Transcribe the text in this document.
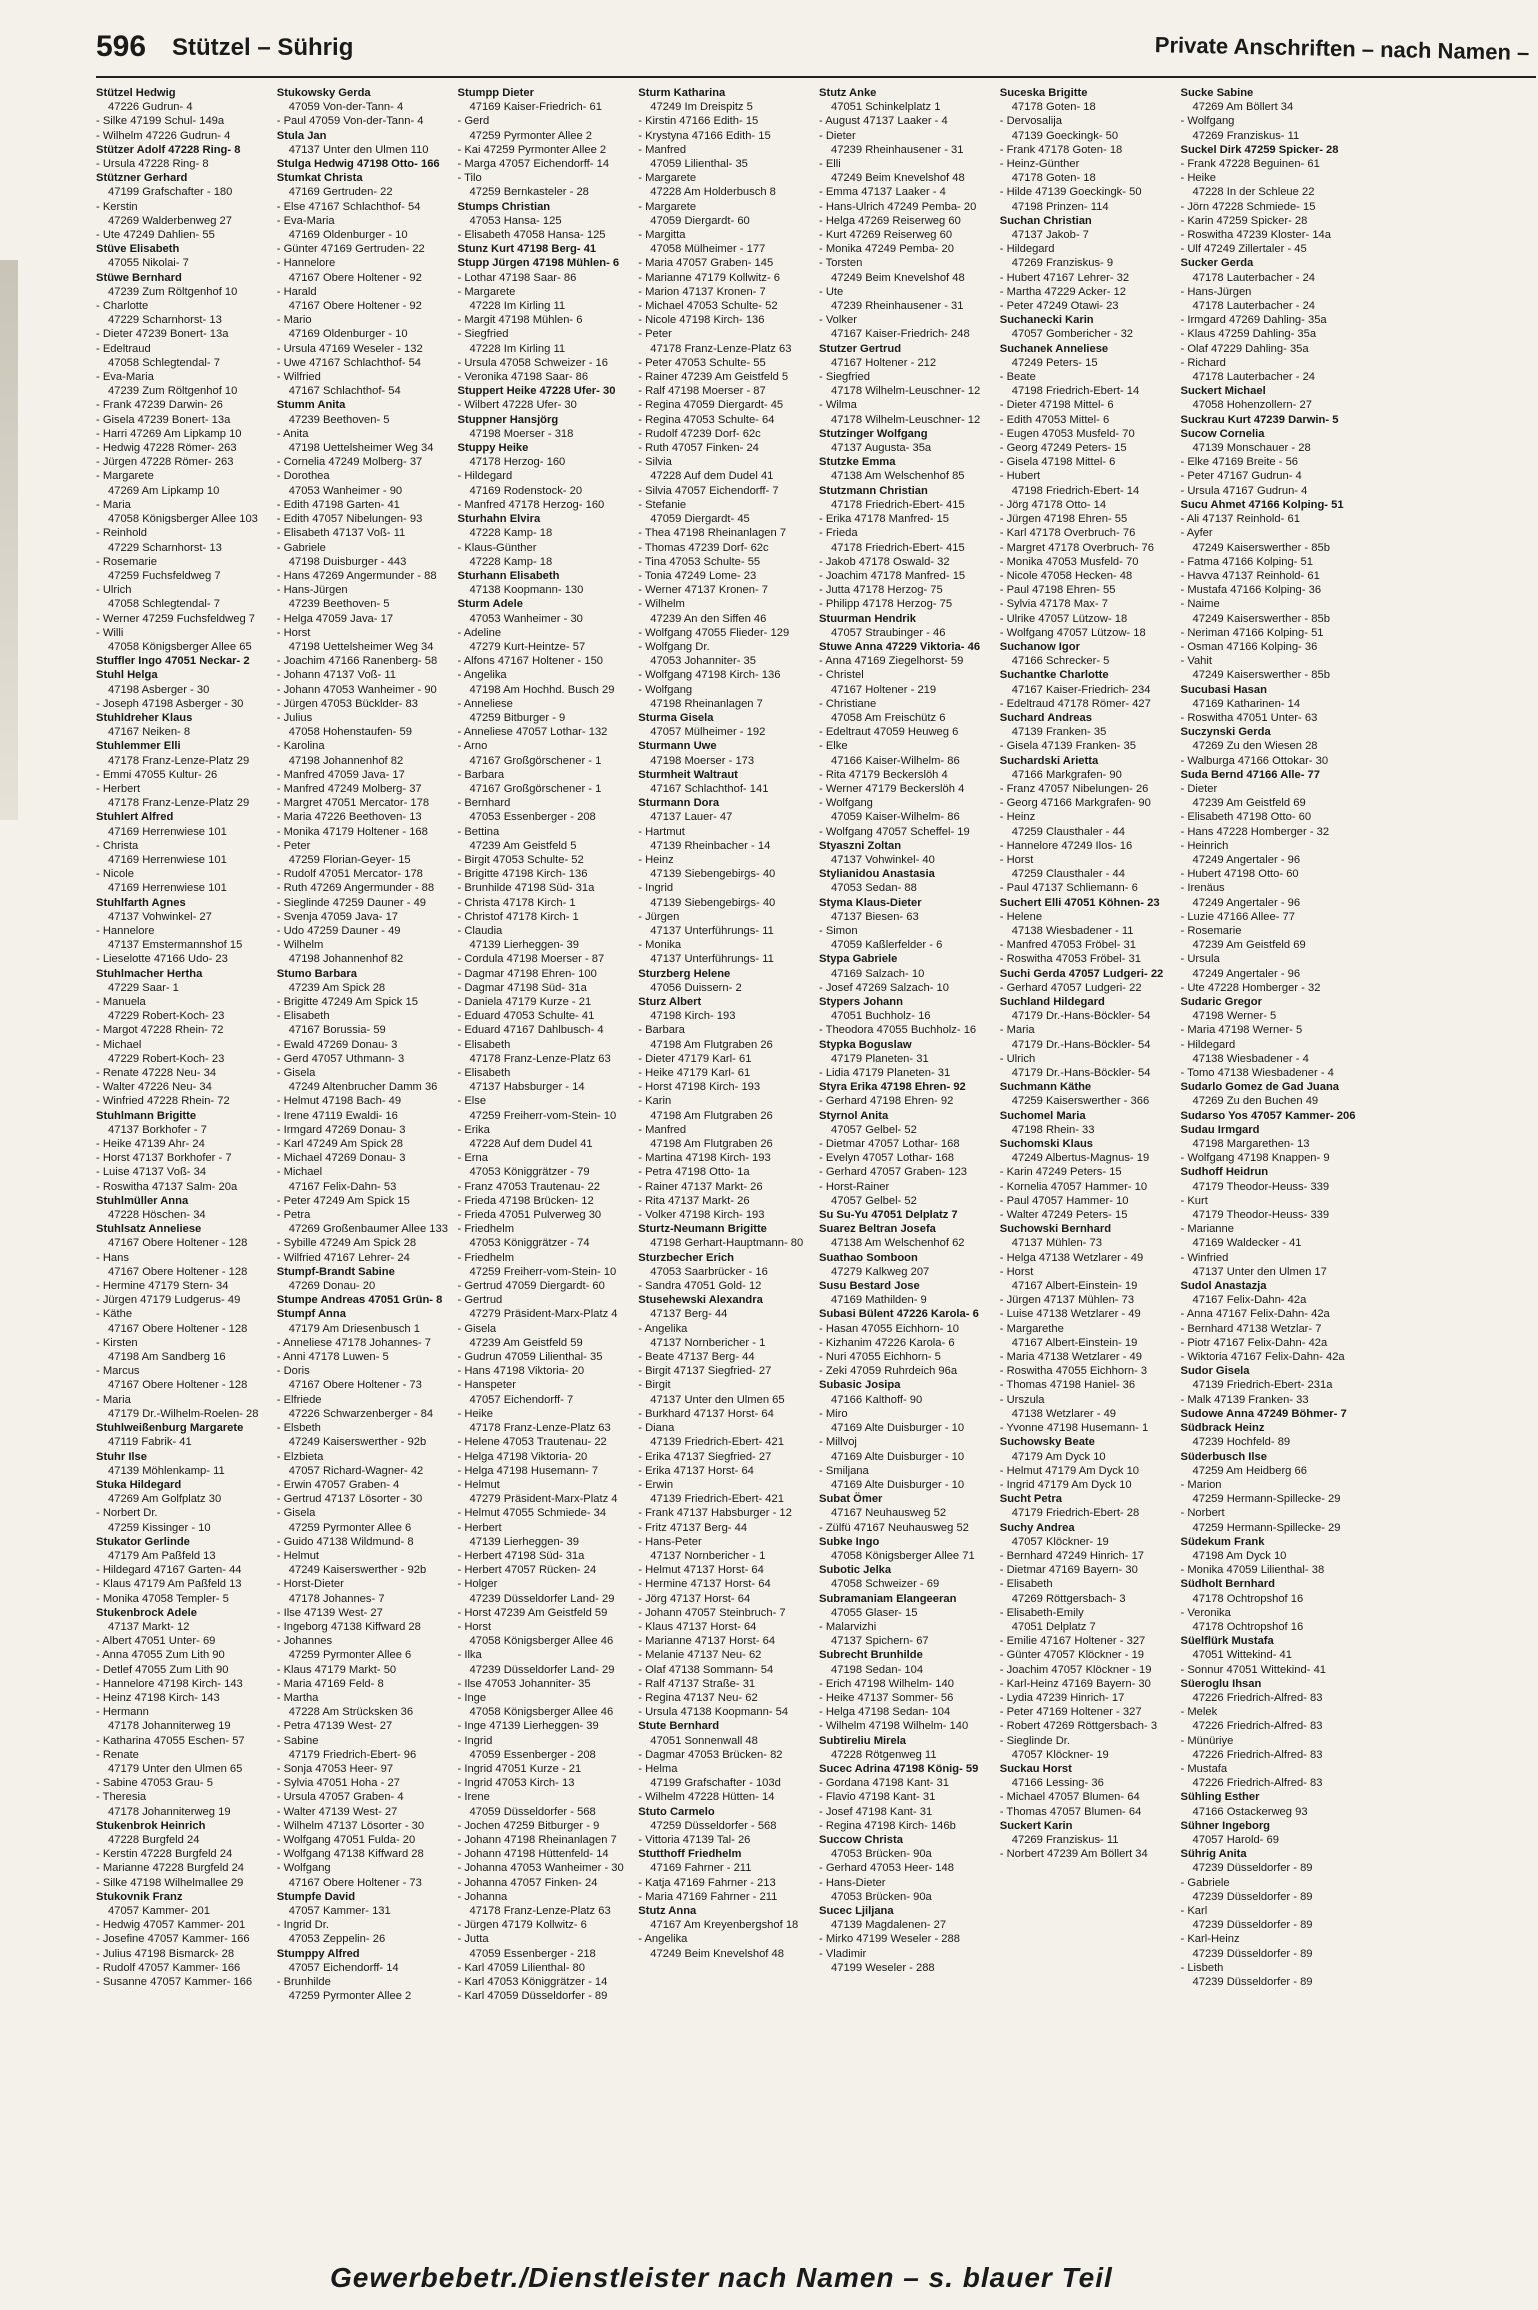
596 Stützel – Sührig	Private Anschriften – nach Namen –
Stützel Hedwig
47226 Gudrun- 4
- Silke 47199 Schul- 149a
- Wilhelm 47226 Gudrun- 4
Stützer Adolf 47228 Ring- 8
- Ursula 47228 Ring- 8
Stützner Gerhard
47199 Grafschafter - 180
- Kerstin
47269 Walderbenweg 27
- Ute 47249 Dahlien- 55
Stüve Elisabeth
47055 Nikolai- 7
Stüwe Bernhard
47239 Zum Röltgenhof 10
- Charlotte
47229 Scharnhorst- 13
- Dieter 47239 Bonert- 13a
- Edeltraud
47058 Schlegtendal- 7
- Eva-Maria
47239 Zum Röltgenhof 10
- Frank 47239 Darwin- 26
- Gisela 47239 Bonert- 13a
- Harri 47269 Am Lipkamp 10
- Hedwig 47228 Römer- 263
- Jürgen 47228 Römer- 263
- Margarete
47269 Am Lipkamp 10
- Maria
47058 Königsberger Allee 103
- Reinhold
47229 Scharnhorst- 13
- Rosemarie
47259 Fuchsfeldweg 7
- Ulrich
47058 Schlegtendal- 7
- Werner 47259 Fuchsfeldweg 7
- Willi
47058 Königsberger Allee 65
Stuffler Ingo 47051 Neckar- 2
Stuhl Helga
47198 Asberger - 30
- Joseph 47198 Asberger - 30
Stuhldreher Klaus
47167 Neiken- 8
Stuhlemmer Elli
47178 Franz-Lenze-Platz 29
- Emmi 47055 Kultur- 26
- Herbert
47178 Franz-Lenze-Platz 29
Stuhlert Alfred
47169 Herrenwiese 101
- Christa
47169 Herrenwiese 101
- Nicole
47169 Herrenwiese 101
Stuhlfarth Agnes
47137 Vohwinkel- 27
- Hannelore
47137 Emstermannshof 15
- Lieselotte 47166 Udo- 23
Stuhlmacher Hertha
47229 Saar- 1
- Manuela
47229 Robert-Koch- 23
- Margot 47228 Rhein- 72
- Michael
47229 Robert-Koch- 23
- Renate 47228 Neu- 34
- Walter 47226 Neu- 34
- Winfried 47228 Rhein- 72
Stuhlmann Brigitte
47137 Borkhofer - 7
- Heike 47139 Ahr- 24
- Horst 47137 Borkhofer - 7
- Luise 47137 Voß- 34
- Roswitha 47137 Salm- 20a
Stuhlmüller Anna
47228 Höschen- 34
Stuhlsatz Anneliese
47167 Obere Holtener - 128
- Hans
47167 Obere Holtener - 128
- Hermine 47179 Stern- 34
- Jürgen 47179 Ludgerus- 49
- Käthe
47167 Obere Holtener - 128
- Kirsten
47198 Am Sandberg 16
- Marcus
47167 Obere Holtener - 128
- Maria
47179 Dr.-Wilhelm-Roelen- 28
Stuhlweißenburg Margarete
47119 Fabrik- 41
Stuhr Ilse
47139 Möhlenkamp- 11
Stuka Hildegard
47269 Am Golfplatz 30
- Norbert Dr.
47259 Kissinger - 10
Stukator Gerlinde
47179 Am Paßfeld 13
- Hildegard 47167 Garten- 44
- Klaus 47179 Am Paßfeld 13
- Monika 47058 Templer- 5
Stukenbrock Adele
47137 Markt- 12
- Albert 47051 Unter- 69
- Anna 47055 Zum Lith 90
- Detlef 47055 Zum Lith 90
- Hannelore 47198 Kirch- 143
- Heinz 47198 Kirch- 143
- Hermann
47178 Johanniterweg 19
- Katharina 47055 Eschen- 57
- Renate
47179 Unter den Ulmen 65
- Sabine 47053 Grau- 5
- Theresia
47178 Johanniterweg 19
Stukenbrok Heinrich
47228 Burgfeld 24
- Kerstin 47228 Burgfeld 24
- Marianne 47228 Burgfeld 24
- Silke 47198 Wilhelmallee 29
Stukovnik Franz
47057 Kammer- 201
- Hedwig 47057 Kammer- 201
- Josefine 47057 Kammer- 166
- Julius 47198 Bismarck- 28
- Rudolf 47057 Kammer- 166
- Susanne 47057 Kammer- 166
Stukowsky Gerda
47059 Von-der-Tann- 4
- Paul 47059 Von-der-Tann- 4
Stula Jan
47137 Unter den Ulmen 110
Stulga Hedwig 47198 Otto- 166
Stumkat Christa
47169 Gertruden- 22
- Else 47167 Schlachthof- 54
- Eva-Maria
47169 Oldenburger - 10
- Günter 47169 Gertruden- 22
- Hannelore
47167 Obere Holtener - 92
- Harald
47167 Obere Holtener - 92
- Mario
47169 Oldenburger - 10
- Ursula 47169 Weseler - 132
- Uwe 47167 Schlachthof- 54
- Wilfried
47167 Schlachthof- 54
Stumm Anita
47239 Beethoven- 5
- Anita
47198 Uettelsheimer Weg 34
- Cornelia 47249 Molberg- 37
- Dorothea
47053 Wanheimer - 90
- Edith 47198 Garten- 41
- Edith 47057 Nibelungen- 93
- Elisabeth 47137 Voß- 11
- Gabriele
47198 Duisburger - 443
- Hans 47269 Angermunder - 88
- Hans-Jürgen
47239 Beethoven- 5
- Helga 47059 Java- 17
- Horst
47198 Uettelsheimer Weg 34
- Joachim 47166 Ranenberg- 58
- Johann 47137 Voß- 11
- Johann 47053 Wanheimer - 90
- Jürgen 47053 Bücklder- 83
- Julius
47058 Hohenstaufen- 59
- Karolina
47198 Johannenhof 82
- Manfred 47059 Java- 17
- Manfred 47249 Molberg- 37
- Margret 47051 Mercator- 178
- Maria 47226 Beethoven- 13
- Monika 47179 Holtener - 168
- Peter
47259 Florian-Geyer- 15
- Rudolf 47051 Mercator- 178
- Ruth 47269 Angermunder - 88
- Sieglinde 47259 Dauner - 49
- Svenja 47059 Java- 17
- Udo 47259 Dauner - 49
- Wilhelm
47198 Johannenhof 82
Stumo Barbara
47239 Am Spick 28
- Brigitte 47249 Am Spick 15
- Elisabeth
47167 Borussia- 59
- Ewald 47269 Donau- 3
- Gerd 47057 Uthmann- 3
- Gisela
47249 Altenbrucher Damm 36
- Helmut 47198 Bach- 49
- Irene 47119 Ewaldi- 16
- Irmgard 47269 Donau- 3
- Karl 47249 Am Spick 28
- Michael 47269 Donau- 3
- Michael
47167 Felix-Dahn- 53
- Peter 47249 Am Spick 15
- Petra
47269 Großenbaumer Allee 133
- Sybille 47249 Am Spick 28
- Wilfried 47167 Lehrer- 24
Stumpf-Brandt Sabine
47269 Donau- 20
Stumpe Andreas 47051 Grün- 8
Stumpf Anna
47179 Am Driesenbusch 1
- Anneliese 47178 Johannes- 7
- Anni 47178 Luwen- 5
- Doris
47167 Obere Holtener - 73
- Elfriede
47226 Schwarzenberger - 84
- Elsbeth
47249 Kaiserswerther - 92b
- Elzbieta
47057 Richard-Wagner- 42
- Erwin 47057 Graben- 4
- Gertrud 47137 Lösorter - 30
- Gisela
47259 Pyrmonter Allee 6
- Guido 47138 Wildmund- 8
- Helmut
47249 Kaiserswerther - 92b
- Horst-Dieter
47178 Johannes- 7
- Ilse 47139 West- 27
- Ingeborg 47138 Kiffward 28
- Johannes
47259 Pyrmonter Allee 6
- Klaus 47179 Markt- 50
- Maria 47169 Feld- 8
- Martha
47228 Am Strücksken 36
- Petra 47139 West- 27
- Sabine
47179 Friedrich-Ebert- 96
- Sonja 47053 Heer- 97
- Sylvia 47051 Hoha - 27
- Ursula 47057 Graben- 4
- Walter 47139 West- 27
- Wilhelm 47137 Lösorter - 30
- Wolfgang 47051 Fulda- 20
- Wolfgang 47138 Kiffward 28
- Wolfgang
47167 Obere Holtener - 73
Stumpfe David
47057 Kammer- 131
- Ingrid Dr.
47053 Zeppelin- 26
Stumppy Alfred
47057 Eichendorff- 14
- Brunhilde
47259 Pyrmonter Allee 2
Stumpp Dieter
47169 Kaiser-Friedrich- 61
- Gerd
47259 Pyrmonter Allee 2
- Kai 47259 Pyrmonter Allee 2
- Marga 47057 Eichendorff- 14
- Tilo
47259 Bernkasteler - 28
Stumps Christian
47053 Hansa- 125
- Elisabeth 47058 Hansa- 125
Stunz Kurt 47198 Berg- 41
Stupp Jürgen 47198 Mühlen- 6
- Lothar 47198 Saar- 86
- Margarete
47228 Im Kirling 11
- Margit 47198 Mühlen- 6
- Siegfried
47228 Im Kirling 11
- Ursula 47058 Schweizer - 16
- Veronika 47198 Saar- 86
Stuppert Heike 47228 Ufer- 30
- Wilbert 47228 Ufer- 30
Stuppner Hansjörg
47198 Moerser - 318
Stuppy Heike
47178 Herzog- 160
- Hildegard
47169 Rodenstock- 20
- Manfred 47178 Herzog- 160
Sturhahn Elvira
47228 Kamp- 18
- Klaus-Günther
47228 Kamp- 18
Sturhann Elisabeth
47138 Koopmann- 130
Sturm Adele
47053 Wanheimer - 30
- Adeline
47279 Kurt-Heintze- 57
- Alfons 47167 Holtener - 150
- Angelika
47198 Am Hochhd. Busch 29
- Anneliese
47259 Bitburger - 9
- Anneliese 47057 Lothar- 132
- Arno
47167 Großgörschener - 1
- Barbara
47167 Großgörschener - 1
- Bernhard
47053 Essenberger - 208
- Bettina
47239 Am Geistfeld 5
- Birgit 47053 Schulte- 52
- Brigitte 47198 Kirch- 136
- Brunhilde 47198 Süd- 31a
- Christa 47178 Kirch- 1
- Christof 47178 Kirch- 1
- Claudia
47139 Lierheggen- 39
- Cordula 47198 Moerser - 87
- Dagmar 47198 Ehren- 100
- Dagmar 47198 Süd- 31a
- Daniela 47179 Kurze - 21
- Eduard 47053 Schulte- 41
- Eduard 47167 Dahlbusch- 4
- Elisabeth
47178 Franz-Lenze-Platz 63
- Elisabeth
47137 Habsburger - 14
- Else
47259 Freiherr-vom-Stein- 10
- Erika
47228 Auf dem Dudel 41
- Erna
47053 Königgrätzer - 79
- Franz 47053 Trautenau- 22
- Frieda 47198 Brücken- 12
- Frieda 47051 Pulverweg 30
- Friedhelm
47053 Königgrätzer - 74
- Friedhelm
47259 Freiherr-vom-Stein- 10
- Gertrud 47059 Diergardt- 60
- Gertrud
47279 Präsident-Marx-Platz 4
- Gisela
47239 Am Geistfeld 59
- Gudrun 47059 Lilienthal- 35
- Hans 47198 Viktoria- 20
- Hanspeter
47057 Eichendorff- 7
- Heike
47178 Franz-Lenze-Platz 63
- Helene 47053 Trautenau- 22
- Helga 47198 Viktoria- 20
- Helga 47198 Husemann- 7
- Helmut
47279 Präsident-Marx-Platz 4
- Helmut 47055 Schmiede- 34
- Herbert
47139 Lierheggen- 39
- Herbert 47198 Süd- 31a
- Herbert 47057 Rücken- 24
- Holger
47239 Düsseldorfer Land- 29
- Horst 47239 Am Geistfeld 59
- Horst
47058 Königsberger Allee 46
- Ilka
47239 Düsseldorfer Land- 29
- Ilse 47053 Johanniter- 35
- Inge
47058 Königsberger Allee 46
- Inge 47139 Lierheggen- 39
- Ingrid
47059 Essenberger - 208
- Ingrid 47051 Kurze - 21
- Ingrid 47053 Kirch- 13
- Irene
47059 Düsseldorfer - 568
- Jochen 47259 Bitburger - 9
- Johann 47198 Rheinanlagen 7
- Johann 47198 Hüttenfeld- 14
- Johanna 47053 Wanheimer - 30
- Johanna 47057 Finken- 24
- Johanna
47178 Franz-Lenze-Platz 63
- Jürgen 47179 Kollwitz- 6
- Jutta
47059 Essenberger - 218
- Karl 47059 Lilienthal- 80
- Karl 47053 Königgrätzer - 14
- Karl 47059 Düsseldorfer - 89
Sturm Katharina
47249 Im Dreispitz 5
- Kirstin 47166 Edith- 15
- Krystyna 47166 Edith- 15
- Manfred
47059 Lilienthal- 35
- Margarete
47228 Am Holderbusch 8
- Margarete
47059 Diergardt- 60
- Margitta
47058 Mülheimer - 177
- Maria 47057 Graben- 145
- Marianne 47179 Kollwitz- 6
- Marion 47137 Kronen- 7
- Michael 47053 Schulte- 52
- Nicole 47198 Kirch- 136
- Peter
47178 Franz-Lenze-Platz 63
- Peter 47053 Schulte- 55
- Rainer 47239 Am Geistfeld 5
- Ralf 47198 Moerser - 87
- Regina 47059 Diergardt- 45
- Regina 47053 Schulte- 64
- Rudolf 47239 Dorf- 62c
- Ruth 47057 Finken- 24
- Silvia
47228 Auf dem Dudel 41
- Silvia 47057 Eichendorff- 7
- Stefanie
47059 Diergardt- 45
- Thea 47198 Rheinanlagen 7
- Thomas 47239 Dorf- 62c
- Tina 47053 Schulte- 55
- Tonia 47249 Lome- 23
- Werner 47137 Kronen- 7
- Wilhelm
47239 An den Siffen 46
- Wolfgang 47055 Flieder- 129
- Wolfgang Dr.
47053 Johanniter- 35
- Wolfgang 47198 Kirch- 136
- Wolfgang
47198 Rheinanlagen 7
Sturma Gisela
47057 Mülheimer - 192
Sturmann Uwe
47198 Moerser - 173
Sturmheit Waltraut
47167 Schlachthof- 141
Sturmann Dora
47137 Lauer- 47
- Hartmut
47139 Rheinbacher - 14
- Heinz
47139 Siebengebirgs- 40
- Ingrid
47139 Siebengebirgs- 40
- Jürgen
47137 Unterführungs- 11
- Monika
47137 Unterführungs- 11
Sturzberg Helene
47056 Duissern- 2
Sturz Albert
47198 Kirch- 193
- Barbara
47198 Am Flutgraben 26
- Dieter 47179 Karl- 61
- Heike 47179 Karl- 61
- Horst 47198 Kirch- 193
- Karin
47198 Am Flutgraben 26
- Manfred
47198 Am Flutgraben 26
- Martina 47198 Kirch- 193
- Petra 47198 Otto- 1a
- Rainer 47137 Markt- 26
- Rita 47137 Markt- 26
- Volker 47198 Kirch- 193
Sturtz-Neumann Brigitte
47198 Gerhart-Hauptmann- 80
Sturzbecher Erich
47053 Saarbrücker - 16
- Sandra 47051 Gold- 12
Stusehewski Alexandra
47137 Berg- 44
- Angelika
47137 Nornbericher - 1
- Beate 47137 Berg- 44
- Birgit 47137 Siegfried- 27
- Birgit
47137 Unter den Ulmen 65
- Burkhard 47137 Horst- 64
- Diana
47139 Friedrich-Ebert- 421
- Erika 47137 Siegfried- 27
- Erika 47137 Horst- 64
- Erwin
47139 Friedrich-Ebert- 421
- Frank 47137 Habsburger - 12
- Fritz 47137 Berg- 44
- Hans-Peter
47137 Nornbericher - 1
- Helmut 47137 Horst- 64
- Hermine 47137 Horst- 64
- Jörg 47137 Horst- 64
- Johann 47057 Steinbruch- 7
- Klaus 47137 Horst- 64
- Marianne 47137 Horst- 64
- Melanie 47137 Neu- 62
- Olaf 47138 Sommann- 54
- Ralf 47137 Straße- 31
- Regina 47137 Neu- 62
- Ursula 47138 Koopmann- 54
Stute Bernhard
47051 Sonnenwall 48
- Dagmar 47053 Brücken- 82
- Helma
47199 Grafschafter - 103d
- Wilhelm 47228 Hütten- 14
Stuto Carmelo
47259 Düsseldorfer - 568
- Vittoria 47139 Tal- 26
Stutthoff Friedhelm
47169 Fahrner - 211
- Katja 47169 Fahrner - 213
- Maria 47169 Fahrner - 211
Stutz Anna
47167 Am Kreyenbergshof 18
- Angelika
47249 Beim Knevelshof 48
Stutz Anke
47051 Schinkelplatz 1
- August 47137 Laaker - 4
- Dieter
47239 Rheinhausener - 31
- Elli
47249 Beim Knevelshof 48
- Emma 47137 Laaker - 4
- Hans-Ulrich 47249 Pemba- 20
- Helga 47269 Reiserweg 60
- Kurt 47269 Reiserweg 60
- Monika 47249 Pemba- 20
- Torsten
47249 Beim Knevelshof 48
- Ute
47239 Rheinhausener - 31
- Volker
47167 Kaiser-Friedrich- 248
Stutzer Gertrud
47167 Holtener - 212
- Siegfried
47178 Wilhelm-Leuschner- 12
- Wilma
47178 Wilhelm-Leuschner- 12
Stutzinger Wolfgang
47137 Augusta- 35a
Stutzke Emma
47138 Am Welschenhof 85
Stutzmann Christian
47178 Friedrich-Ebert- 415
- Erika 47178 Manfred- 15
- Frieda
47178 Friedrich-Ebert- 415
- Jakob 47178 Oswald- 32
- Joachim 47178 Manfred- 15
- Jutta 47178 Herzog- 75
- Philipp 47178 Herzog- 75
Stuurman Hendrik
47057 Straubinger - 46
Stuwe Anna 47229 Viktoria- 46
- Anna 47169 Ziegelhorst- 59
- Christel
47167 Holtener - 219
- Christiane
47058 Am Freischütz 6
- Edeltraut 47059 Heuweg 6
- Elke
47166 Kaiser-Wilhelm- 86
- Rita 47179 Beckerslöh 4
- Werner 47179 Beckerslöh 4
- Wolfgang
47059 Kaiser-Wilhelm- 86
- Wolfgang 47057 Scheffel- 19
Styaszni Zoltan
47137 Vohwinkel- 40
Stylianidou Anastasia
47053 Sedan- 88
Styma Klaus-Dieter
47137 Biesen- 63
- Simon
47059 Kaßlerfelder - 6
Stypa Gabriele
47169 Salzach- 10
- Josef 47269 Salzach- 10
Stypers Johann
47051 Buchholz- 16
- Theodora 47055 Buchholz- 16
Stypka Boguslaw
47179 Planeten- 31
- Lidia 47179 Planeten- 31
Styra Erika 47198 Ehren- 92
- Gerhard 47198 Ehren- 92
Styrnol Anita
47057 Gelbel- 52
- Dietmar 47057 Lothar- 168
- Evelyn 47057 Lothar- 168
- Gerhard 47057 Graben- 123
- Horst-Rainer
47057 Gelbel- 52
Su Su-Yu 47051 Delplatz 7
Suarez Beltran Josefa
47138 Am Welschenhof 62
Suathao Somboon
47279 Kalkweg 207
Susu Bestard Jose
47169 Mathilden- 9
Subasi Bülent 47226 Karola- 6
- Hasan 47055 Eichhorn- 10
- Kizhanim 47226 Karola- 6
- Nuri 47055 Eichhorn- 5
- Zeki 47059 Ruhrdeich 96a
Subasic Josipa
47166 Kalthoff- 90
- Miro
47169 Alte Duisburger - 10
- Millvoj
47169 Alte Duisburger - 10
- Smiljana
47169 Alte Duisburger - 10
Subat Ömer
47167 Neuhausweg 52
- Zülfü 47167 Neuhausweg 52
Subke Ingo
47058 Königsberger Allee 71
Subotic Jelka
47058 Schweizer - 69
Subramaniam Elangeeran
47055 Glaser- 15
- Malarvizhi
47137 Spichern- 67
Subrecht Brunhilde
47198 Sedan- 104
- Erich 47198 Wilhelm- 140
- Heike 47137 Sommer- 56
- Helga 47198 Sedan- 104
- Wilhelm 47198 Wilhelm- 140
Subtireliu Mirela
47228 Rötgenweg 11
Sucec Adrina 47198 König- 59
- Gordana 47198 Kant- 31
- Flavio 47198 Kant- 31
- Josef 47198 Kant- 31
- Regina 47198 Kirch- 146b
Succow Christa
47053 Brücken- 90a
- Gerhard 47053 Heer- 148
- Hans-Dieter
47053 Brücken- 90a
Sucec Ljiljana
47139 Magdalenen- 27
- Mirko 47199 Weseler - 288
- Vladimir
47199 Weseler - 288
Suceska Brigitte
47178 Goten- 18
- Dervosalija
47139 Goeckingk- 50
- Frank 47178 Goten- 18
- Heinz-Günther
47178 Goten- 18
- Hilde 47139 Goeckingk- 50
47198 Prinzen- 114
Suchan Christian
47137 Jakob- 7
- Hildegard
47269 Franziskus- 9
- Hubert 47167 Lehrer- 32
- Martha 47229 Acker- 12
- Peter 47249 Otawi- 23
Suchanecki Karin
47057 Gombericher - 32
Suchanek Anneliese
47249 Peters- 15
- Beate
47198 Friedrich-Ebert- 14
- Dieter 47198 Mittel- 6
- Edith 47053 Mittel- 6
- Eugen 47053 Musfeld- 70
- Georg 47249 Peters- 15
- Gisela 47198 Mittel- 6
- Hubert
47198 Friedrich-Ebert- 14
- Jörg 47178 Otto- 14
- Jürgen 47198 Ehren- 55
- Karl 47178 Overbruch- 76
- Margret 47178 Overbruch- 76
- Monika 47053 Musfeld- 70
- Nicole 47058 Hecken- 48
- Paul 47198 Ehren- 55
- Sylvia 47178 Max- 7
- Ulrike 47057 Lützow- 18
- Wolfgang 47057 Lützow- 18
Suchanow Igor
47166 Schrecker- 5
Suchantke Charlotte
47167 Kaiser-Friedrich- 234
- Edeltraud 47178 Römer- 427
Suchard Andreas
47139 Franken- 35
- Gisela 47139 Franken- 35
Suchardski Arietta
47166 Markgrafen- 90
- Franz 47057 Nibelungen- 26
- Georg 47166 Markgrafen- 90
- Heinz
47259 Clausthaler - 44
- Hannelore 47249 Ilos- 16
- Horst
47259 Clausthaler - 44
- Paul 47137 Schliemann- 6
Suchert Elli 47051 Köhnen- 23
- Helene
47138 Wiesbadener - 11
- Manfred 47053 Fröbel- 31
- Roswitha 47053 Fröbel- 31
Suchi Gerda 47057 Ludgeri- 22
- Gerhard 47057 Ludgeri- 22
Suchland Hildegard
47179 Dr.-Hans-Böckler- 54
- Maria
47179 Dr.-Hans-Böckler- 54
- Ulrich
47179 Dr.-Hans-Böckler- 54
Suchmann Käthe
47259 Kaiserswerther - 366
Suchomel Maria
47198 Rhein- 33
Suchomski Klaus
47249 Albertus-Magnus- 19
- Karin 47249 Peters- 15
- Kornelia 47057 Hammer- 10
- Paul 47057 Hammer- 10
- Walter 47249 Peters- 15
Suchowski Bernhard
47137 Mühlen- 73
- Helga 47138 Wetzlarer - 49
- Horst
47167 Albert-Einstein- 19
- Jürgen 47137 Mühlen- 73
- Luise 47138 Wetzlarer - 49
- Margarethe
47167 Albert-Einstein- 19
- Maria 47138 Wetzlarer - 49
- Roswitha 47055 Eichhorn- 3
- Thomas 47198 Haniel- 36
- Urszula
47138 Wetzlarer - 49
- Yvonne 47198 Husemann- 1
Suchowsky Beate
47179 Am Dyck 10
- Helmut 47179 Am Dyck 10
- Ingrid 47179 Am Dyck 10
Sucht Petra
47179 Friedrich-Ebert- 28
Suchy Andrea
47057 Klöckner- 19
- Bernhard 47249 Hinrich- 17
- Dietmar 47169 Bayern- 30
- Elisabeth
47269 Röttgersbach- 3
- Elisabeth-Emily
47051 Delplatz 7
- Emilie 47167 Holtener - 327
- Günter 47057 Klöckner - 19
- Joachim 47057 Klöckner - 19
- Karl-Heinz 47169 Bayern- 30
- Lydia 47239 Hinrich- 17
- Peter 47169 Holtener - 327
- Robert 47269 Röttgersbach- 3
- Sieglinde Dr.
47057 Klöckner- 19
Suckau Horst
47166 Lessing- 36
- Michael 47057 Blumen- 64
- Thomas 47057 Blumen- 64
Suckert Karin
47269 Franziskus- 11
- Norbert 47239 Am Böllert 34
Sucke Sabine
47269 Am Böllert 34
- Wolfgang
47269 Franziskus- 11
Suckel Dirk 47259 Spicker- 28
- Frank 47228 Beguinen- 61
- Heike
47228 In der Schleue 22
- Jörn 47228 Schmiede- 15
- Karin 47259 Spicker- 28
- Roswitha 47239 Kloster- 14a
- Ulf 47249 Zillertaler - 45
Sucker Gerda
47178 Lauterbacher - 24
- Hans-Jürgen
47178 Lauterbacher - 24
- Irmgard 47269 Dahling- 35a
- Klaus 47259 Dahling- 35a
- Olaf 47229 Dahling- 35a
- Richard
47178 Lauterbacher - 24
Suckert Michael
47058 Hohenzollern- 27
Suckrau Kurt 47239 Darwin- 5
Sucow Cornelia
47139 Monschauer - 28
- Elke 47169 Breite - 56
- Peter 47167 Gudrun- 4
- Ursula 47167 Gudrun- 4
Sucu Ahmet 47166 Kolping- 51
- Ali 47137 Reinhold- 61
- Ayfer
47249 Kaiserswerther - 85b
- Fatma 47166 Kolping- 51
- Havva 47137 Reinhold- 61
- Mustafa 47166 Kolping- 36
- Naime
47249 Kaiserswerther - 85b
- Neriman 47166 Kolping- 51
- Osman 47166 Kolping- 36
- Vahit
47249 Kaiserswerther - 85b
Sucubasi Hasan
47169 Katharinen- 14
- Roswitha 47051 Unter- 63
Suczynski Gerda
47269 Zu den Wiesen 28
- Walburga 47166 Ottokar- 30
Suda Bernd 47166 Alle- 77
- Dieter
47239 Am Geistfeld 69
- Elisabeth 47198 Otto- 60
- Hans 47228 Homberger - 32
- Heinrich
47249 Angertaler - 96
- Hubert 47198 Otto- 60
- Irenäus
47249 Angertaler - 96
- Luzie 47166 Allee- 77
- Rosemarie
47239 Am Geistfeld 69
- Ursula
47249 Angertaler - 96
- Ute 47228 Homberger - 32
Sudaric Gregor
47198 Werner- 5
- Maria 47198 Werner- 5
- Hildegard
47138 Wiesbadener - 4
- Tomo 47138 Wiesbadener - 4
Sudarlo Gomez de Gad Juana
47269 Zu den Buchen 49
Sudarso Yos 47057 Kammer- 206
Sudau Irmgard
47198 Margarethen- 13
- Wolfgang 47198 Knappen- 9
Sudhoff Heidrun
47179 Theodor-Heuss- 339
- Kurt
47179 Theodor-Heuss- 339
- Marianne
47169 Waldecker - 41
- Winfried
47137 Unter den Ulmen 17
Sudol Anastazja
47167 Felix-Dahn- 42a
- Anna 47167 Felix-Dahn- 42a
- Bernhard 47138 Wetzlar- 7
- Piotr 47167 Felix-Dahn- 42a
- Wiktoria 47167 Felix-Dahn- 42a
Sudor Gisela
47139 Friedrich-Ebert- 231a
- Malk 47139 Franken- 33
Sudowe Anna 47249 Böhmer- 7
Südbrack Heinz
47239 Hochfeld- 89
Süderbusch Ilse
47259 Am Heidberg 66
- Marion
47259 Hermann-Spillecke- 29
- Norbert
47259 Hermann-Spillecke- 29
Südekum Frank
47198 Am Dyck 10
- Monika 47059 Lilienthal- 38
Südholt Bernhard
47178 Ochtropshof 16
- Veronika
47178 Ochtropshof 16
Süelflürk Mustafa
47051 Wittekind- 41
- Sonnur 47051 Wittekind- 41
Süeroglu Ihsan
47226 Friedrich-Alfred- 83
- Melek
47226 Friedrich-Alfred- 83
- Münüriye
47226 Friedrich-Alfred- 83
- Mustafa
47226 Friedrich-Alfred- 83
Sühling Esther
47166 Ostackerweg 93
Sühner Ingeborg
47057 Harold- 69
Sührig Anita
47239 Düsseldorfer - 89
- Gabriele
47239 Düsseldorfer - 89
- Karl
47239 Düsseldorfer - 89
- Karl-Heinz
47239 Düsseldorfer - 89
- Lisbeth
47239 Düsseldorfer - 89
Gewerbebetr./Dienstleister nach Namen – s. blauer Teil
